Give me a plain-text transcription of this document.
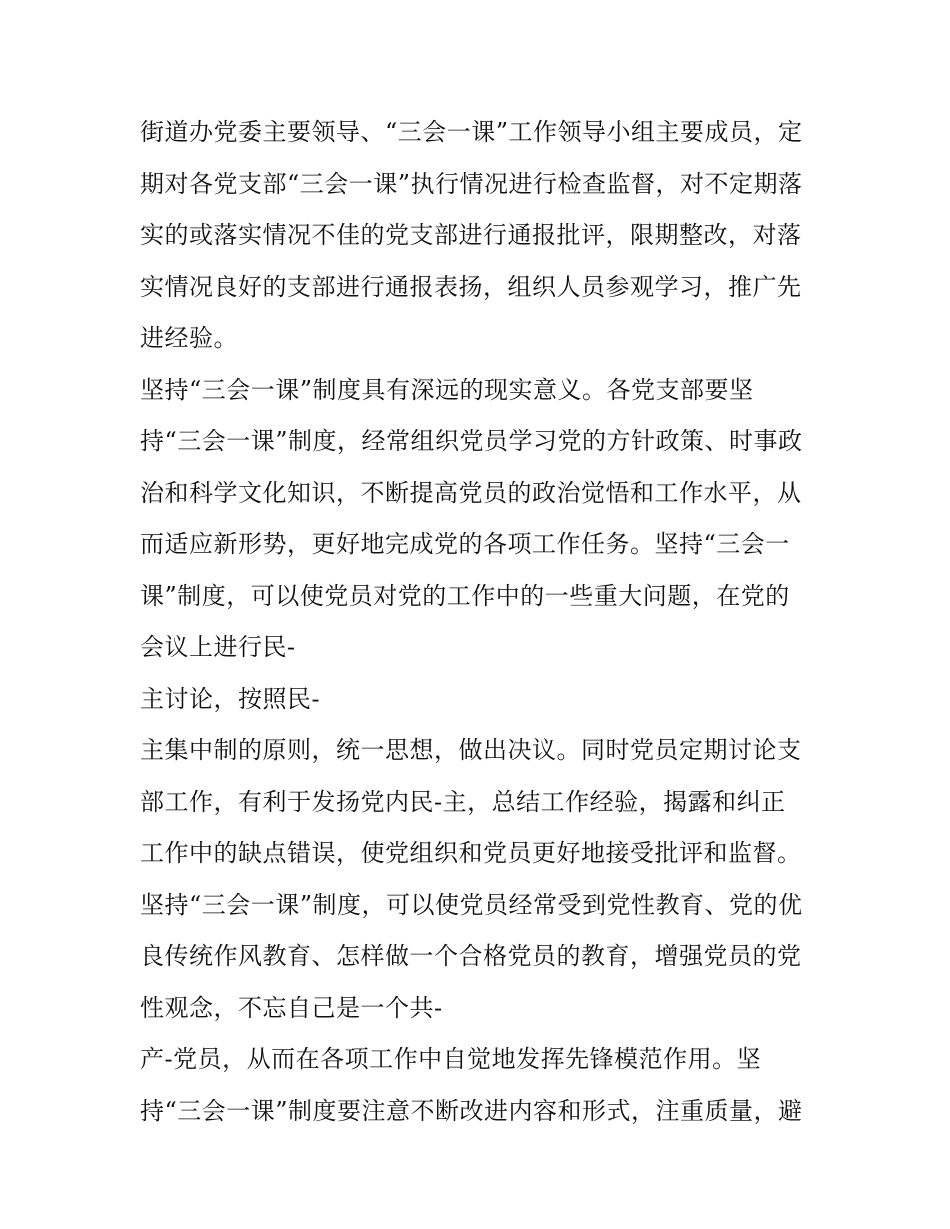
街道办党委主要领导、“三会一课”工作领导小组主要成员，定
期对各党支部“三会一课”执行情况进行检查监督，对不定期落
实的或落实情况不佳的党支部进行通报批评，限期整改，对落
实情况良好的支部进行通报表扬，组织人员参观学习，推广先
进经验。
坚持“三会一课”制度具有深远的现实意义。各党支部要坚
持“三会一课”制度，经常组织党员学习党的方针政策、时事政
治和科学文化知识，不断提高党员的政治觉悟和工作水平，从
而适应新形势，更好地完成党的各项工作任务。坚持“三会一
课”制度，可以使党员对党的工作中的一些重大问题，在党的
会议上进行民-
主讨论，按照民-
主集中制的原则，统一思想，做出决议。同时党员定期讨论支
部工作，有利于发扬党内民-主，总结工作经验，揭露和纠正
工作中的缺点错误，使党组织和党员更好地接受批评和监督。
坚持“三会一课”制度，可以使党员经常受到党性教育、党的优
良传统作风教育、怎样做一个合格党员的教育，增强党员的党
性观念，不忘自己是一个共-
产-党员，从而在各项工作中自觉地发挥先锋模范作用。坚
持“三会一课”制度要注意不断改进内容和形式，注重质量，避
